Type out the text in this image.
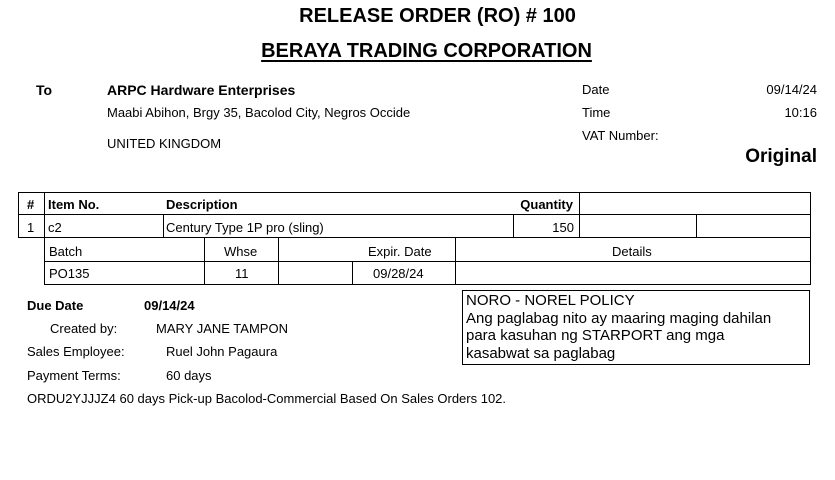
RELEASE ORDER (RO) # 100
BERAYA TRADING CORPORATION
To	ARPC Hardware Enterprises
Maabi Abihon, Brgy 35, Bacolod City, Negros Occide
UNITED KINGDOM
Date	09/14/24
Time	10:16
VAT Number:
Original
# Item No.	Description	Quantity
1 c2	Century Type 1P pro (sling)	150
Batch	Whse	Expir. Date	Details
PO135	11	09/28/24
Due Date	09/14/24
Created by:	MARY JANE TAMPON
Sales Employee:	Ruel John Pagaura
Payment Terms:	60 days
ORDU2YJJJZ4 60 days Pick-up Bacolod-Commercial Based On Sales Orders 102.
NORO - NOREL POLICY
Ang paglabag nito ay maaring maging dahilan
para kasuhan ng STARPORT ang mga
kasabwat sa paglabag
